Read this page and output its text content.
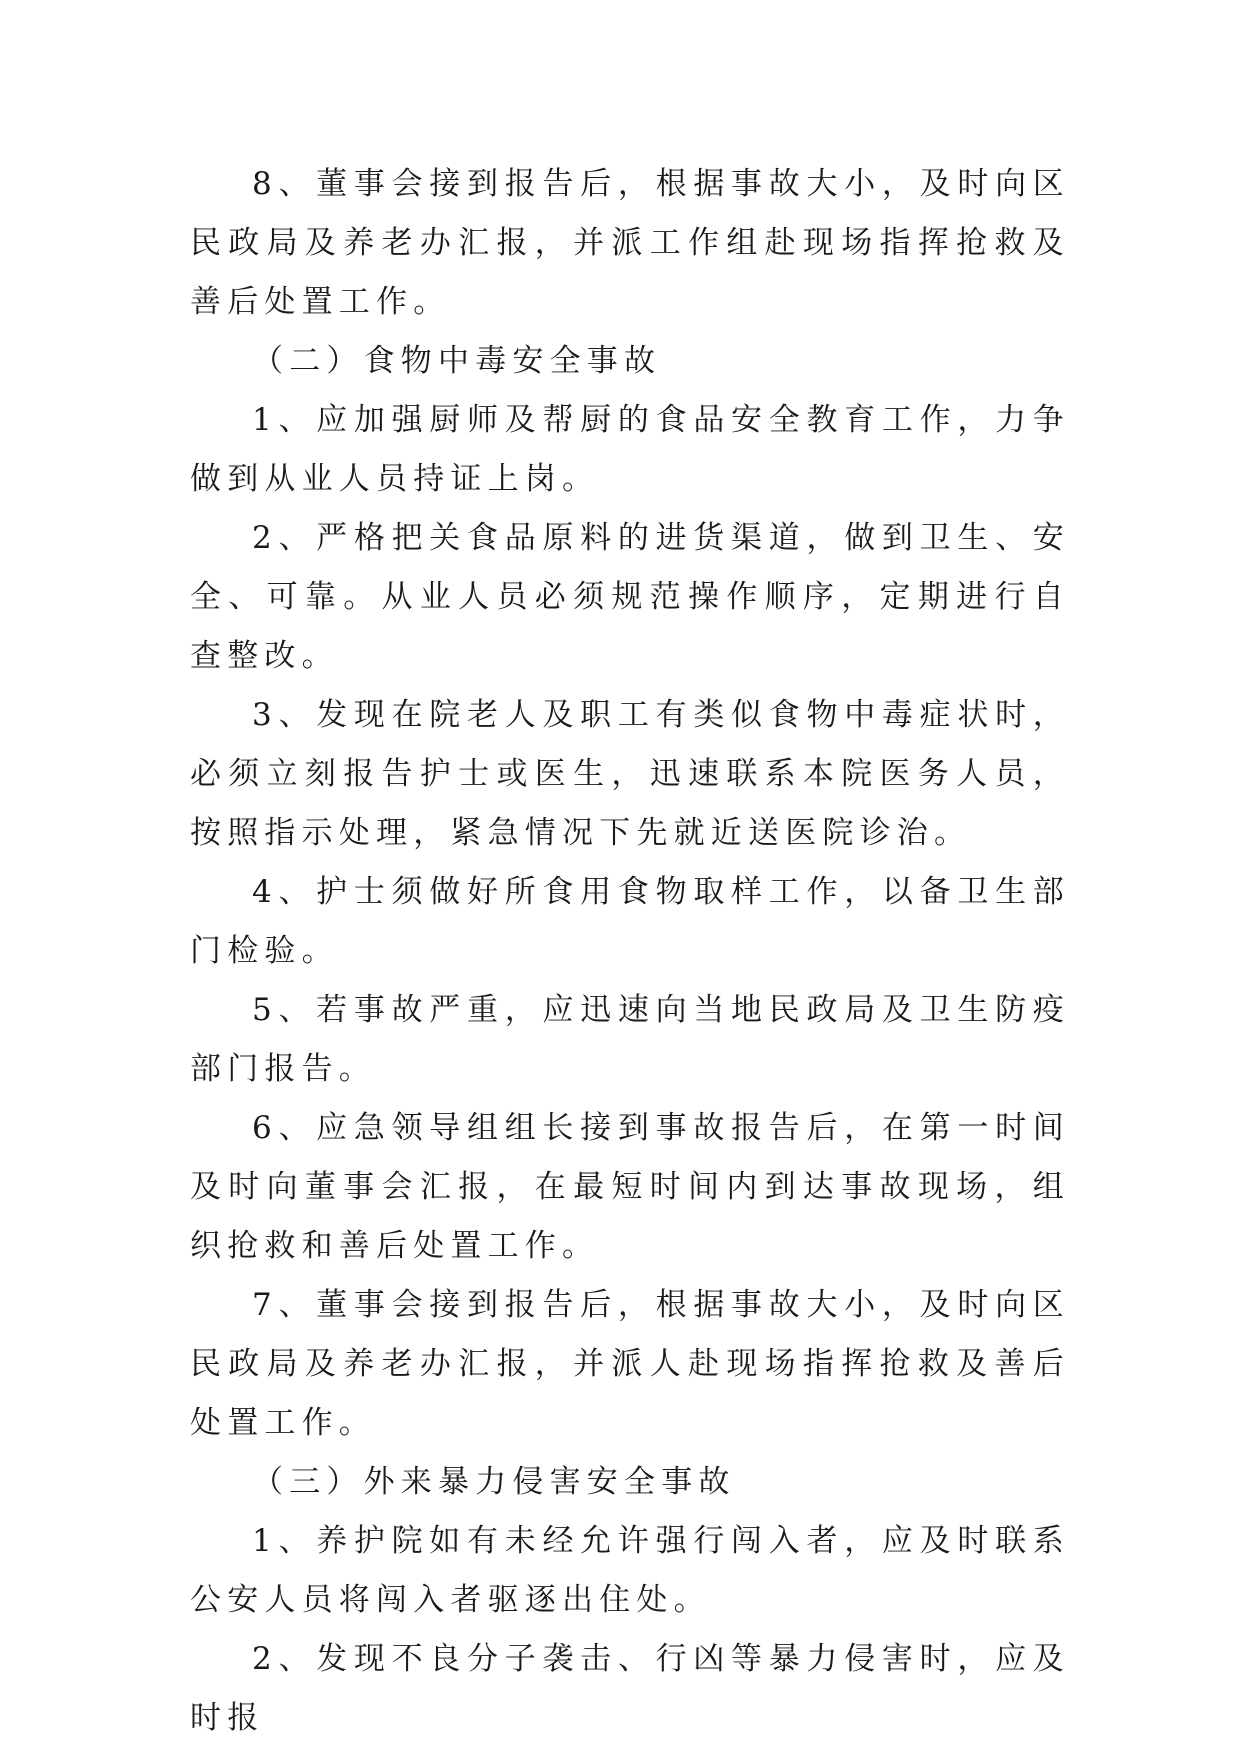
8、董事会接到报告后，根据事故大小，及时向区民政局及养老办汇报，并派工作组赴现场指挥抢救及善后处置工作。

（二）食物中毒安全事故

1、应加强厨师及帮厨的食品安全教育工作，力争做到从业人员持证上岗。

2、严格把关食品原料的进货渠道，做到卫生、安全、可靠。从业人员必须规范操作顺序，定期进行自查整改。

3、发现在院老人及职工有类似食物中毒症状时，必须立刻报告护士或医生，迅速联系本院医务人员，按照指示处理，紧急情况下先就近送医院诊治。

4、护士须做好所食用食物取样工作，以备卫生部门检验。

5、若事故严重，应迅速向当地民政局及卫生防疫部门报告。

6、应急领导组组长接到事故报告后，在第一时间及时向董事会汇报，在最短时间内到达事故现场，组织抢救和善后处置工作。

7、董事会接到报告后，根据事故大小，及时向区民政局及养老办汇报，并派人赴现场指挥抢救及善后处置工作。

（三）外来暴力侵害安全事故

1、养护院如有未经允许强行闯入者，应及时联系公安人员将闯入者驱逐出住处。

2、发现不良分子袭击、行凶等暴力侵害时，应及时报
